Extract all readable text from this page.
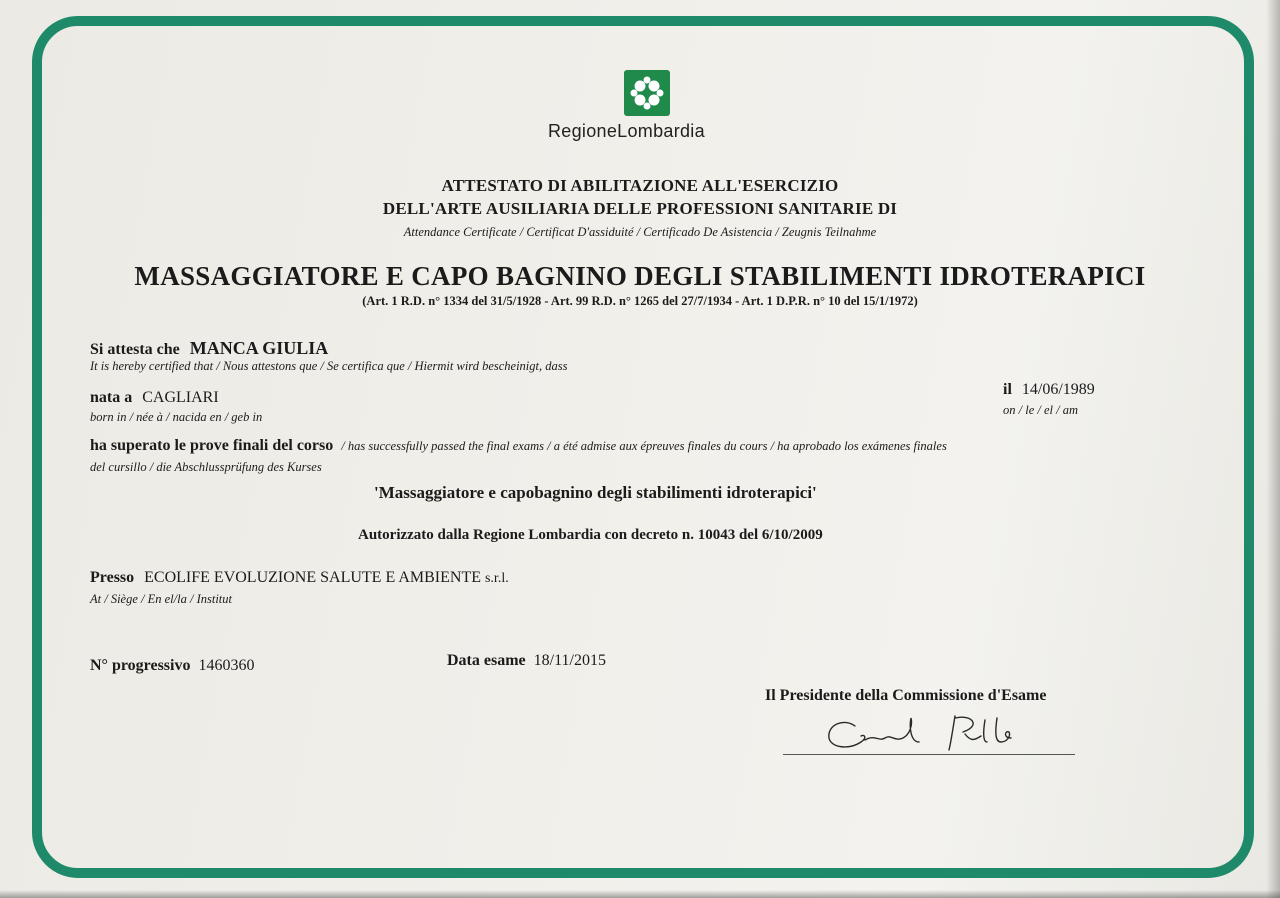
RegioneLombardia
ATTESTATO DI ABILITAZIONE ALL'ESERCIZIO
DELL'ARTE AUSILIARIA DELLE PROFESSIONI SANITARIE DI
Attendance Certificate / Certificat D'assiduité / Certificado De Asistencia / Zeugnis Teilnahme
MASSAGGIATORE E CAPO BAGNINO DEGLI STABILIMENTI IDROTERAPICI
(Art. 1 R.D. n° 1334 del 31/5/1928 - Art. 99 R.D. n° 1265 del 27/7/1934 - Art. 1 D.P.R. n° 10 del 15/1/1972)
Si attesta che MANCA GIULIA
It is hereby certified that / Nous attestons que / Se certifica que / Hiermit wird bescheinigt, dass
nata a CAGLIARI
born in / née à / nacida en / geb in
il 14/06/1989
on / le / el / am
ha superato le prove finali del corso / has successfully passed the final exams / a été admise aux épreuves finales du cours / ha aprobado los exámenes finales
del cursillo / die Abschlussprüfung des Kurses
'Massaggiatore e capobagnino degli stabilimenti idroterapici'
Autorizzato dalla Regione Lombardia con decreto n. 10043 del 6/10/2009
Presso ECOLIFE EVOLUZIONE SALUTE E AMBIENTE s.r.l.
At / Siège / En el/la / Institut
N° progressivo 1460360	Data esame 18/11/2015
Il Presidente della Commissione d'Esame
